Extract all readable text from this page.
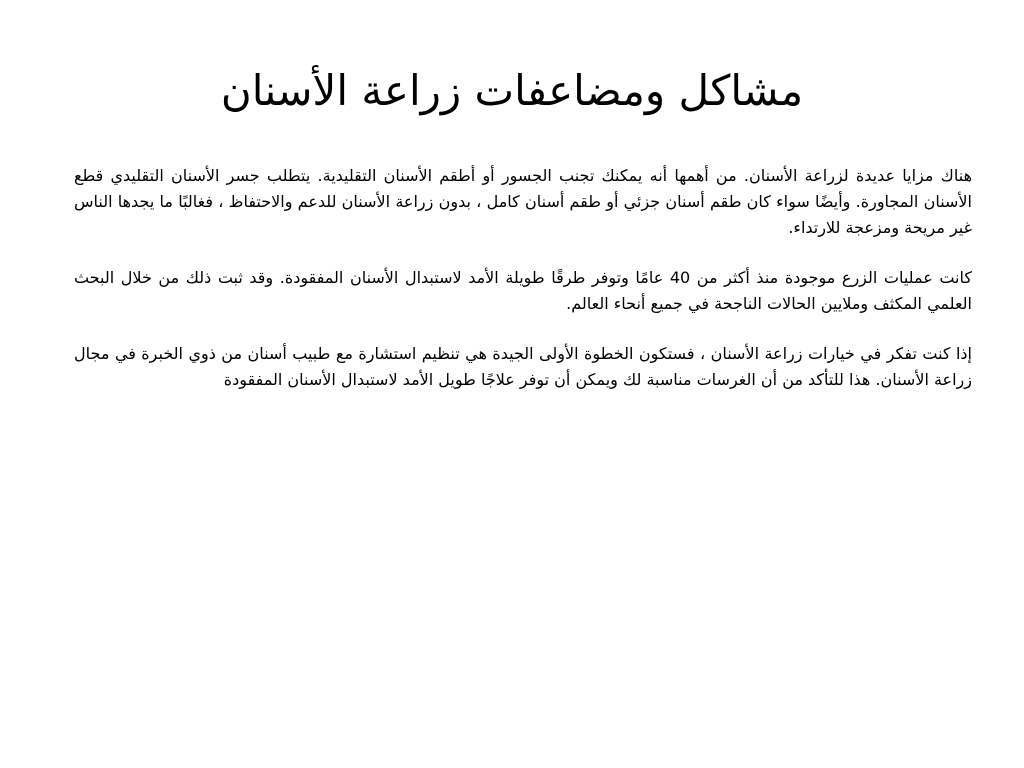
مشاكل ومضاعفات زراعة الأسنان

هناك مزايا عديدة لزراعة الأسنان. من أهمها أنه يمكنك تجنب الجسور أو أطقم الأسنان التقليدية. يتطلب جسر الأسنان التقليدي قطع الأسنان المجاورة. وأيضًا سواء كان طقم أسنان جزئي أو طقم أسنان كامل ، بدون زراعة الأسنان للدعم والاحتفاظ ، فغالبًا ما يجدها الناس غير مريحة ومزعجة للارتداء.

كانت عمليات الزرع موجودة منذ أكثر من 40 عامًا وتوفر طرقًا طويلة الأمد لاستبدال الأسنان المفقودة. وقد ثبت ذلك من خلال البحث العلمي المكثف وملايين الحالات الناجحة في جميع أنحاء العالم.

إذا كنت تفكر في خيارات زراعة الأسنان ، فستكون الخطوة الأولى الجيدة هي تنظيم استشارة مع طبيب أسنان من ذوي الخبرة في مجال زراعة الأسنان. هذا للتأكد من أن الغرسات مناسبة لك ويمكن أن توفر علاجًا طويل الأمد لاستبدال الأسنان المفقودة
